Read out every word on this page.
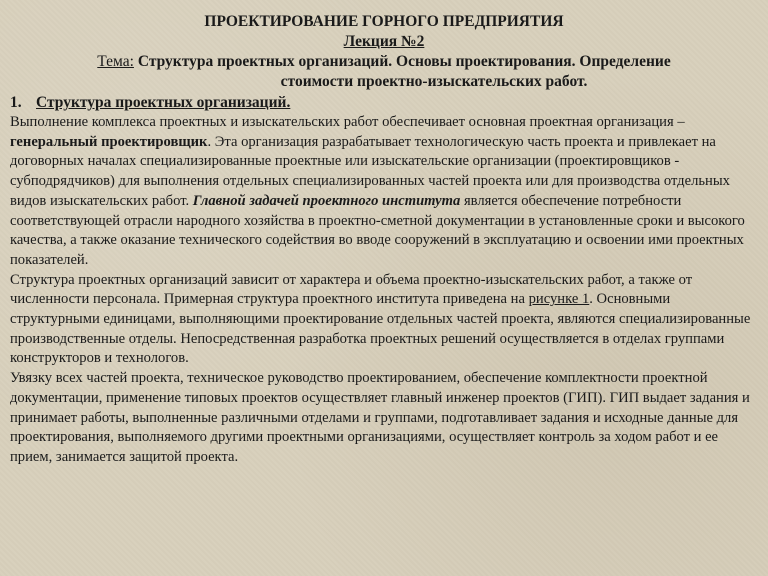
ПРОЕКТИРОВАНИЕ ГОРНОГО ПРЕДПРИЯТИЯ
Лекция №2
Тема: Структура проектных организаций. Основы проектирования. Определение
стоимости проектно-изыскательских работ.
1. Структура проектных организаций.

Выполнение комплекса проектных и изыскательских работ обеспечивает основная проектная организация – генеральный проектировщик. Эта организация разрабатывает технологическую часть проекта и привлекает на договорных началах специализированные проектные или изыскательские организации (проектировщиков - субподрядчиков) для выполнения отдельных специализированных частей проекта или для производства отдельных видов изыскательских работ. Главной задачей проектного института является обеспечение потребности соответствующей отрасли народного хозяйства в проектно-сметной документации в установленные сроки и высокого качества, а также оказание технического содействия во вводе сооружений в эксплуатацию и освоении ими проектных показателей.

Структура проектных организаций зависит от характера и объема проектно-изыскательских работ, а также от численности персонала. Примерная структура проектного института приведена на рисунке 1. Основными структурными единицами, выполняющими проектирование отдельных частей проекта, являются специализированные производственные отделы. Непосредственная разработка проектных решений осуществляется в отделах группами конструкторов и технологов.

Увязку всех частей проекта, техническое руководство проектированием, обеспечение комплектности проектной документации, применение типовых проектов осуществляет главный инженер проектов (ГИП). ГИП выдает задания и принимает работы, выполненные различными отделами и группами, подготавливает задания и исходные данные для проектирования, выполняемого другими проектными организациями, осуществляет контроль за ходом работ и ее прием, занимается защитой проекта.
